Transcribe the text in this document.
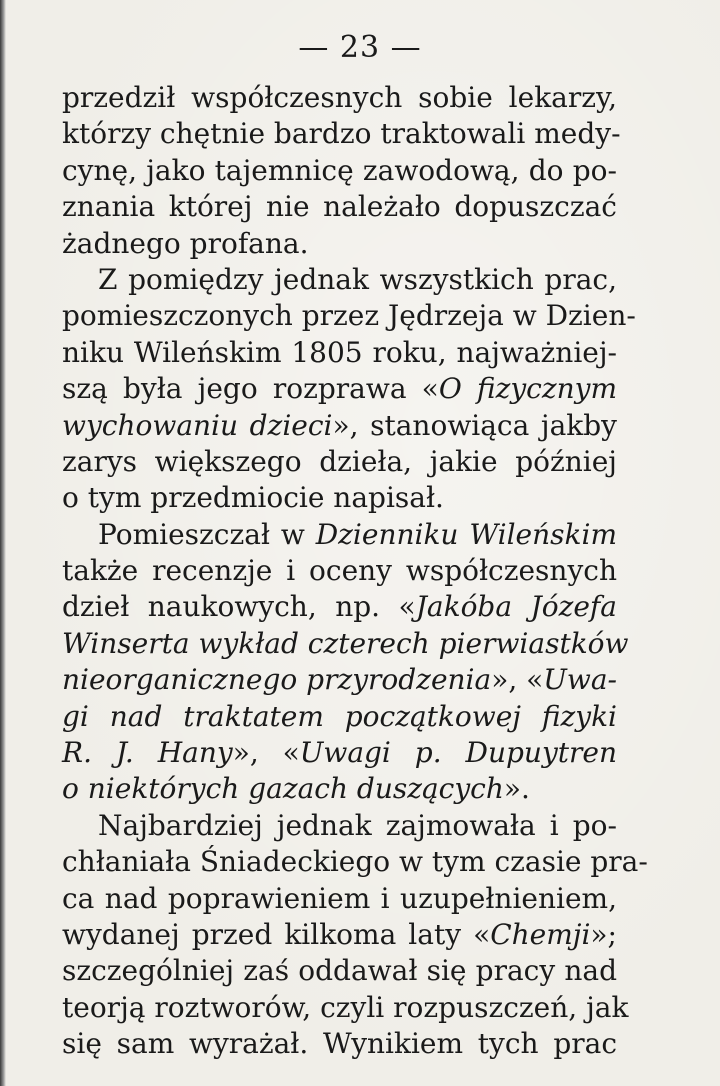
— 23 —
przedził współczesnych sobie lekarzy,
którzy chętnie bardzo traktowali medy-
cynę, jako tajemnicę zawodową, do po-
znania której nie należało dopuszczać
żadnego profana.
Z pomiędzy jednak wszystkich prac,
pomieszczonych przez Jędrzeja w Dzien-
niku Wileńskim 1805 roku, najważniej-
szą była jego rozprawa «O fizycznym
wychowaniu dzieci», stanowiąca jakby
zarys większego dzieła, jakie później
o tym przedmiocie napisał.
Pomieszczał w Dzienniku Wileńskim
także recenzje i oceny współczesnych
dzieł naukowych, np. «Jakóba Józefa
Winserta wykład czterech pierwiastków
nieorganicznego przyrodzenia», «Uwa-
gi nad traktatem początkowej fizyki
R. J. Hany», «Uwagi p. Dupuytren
o niektórych gazach duszących».
Najbardziej jednak zajmowała i po-
chłaniała Śniadeckiego w tym czasie pra-
ca nad poprawieniem i uzupełnieniem,
wydanej przed kilkoma laty «Chemji»;
szczególniej zaś oddawał się pracy nad
teorją roztworów, czyli rozpuszczeń, jak
się sam wyrażał. Wynikiem tych prac
